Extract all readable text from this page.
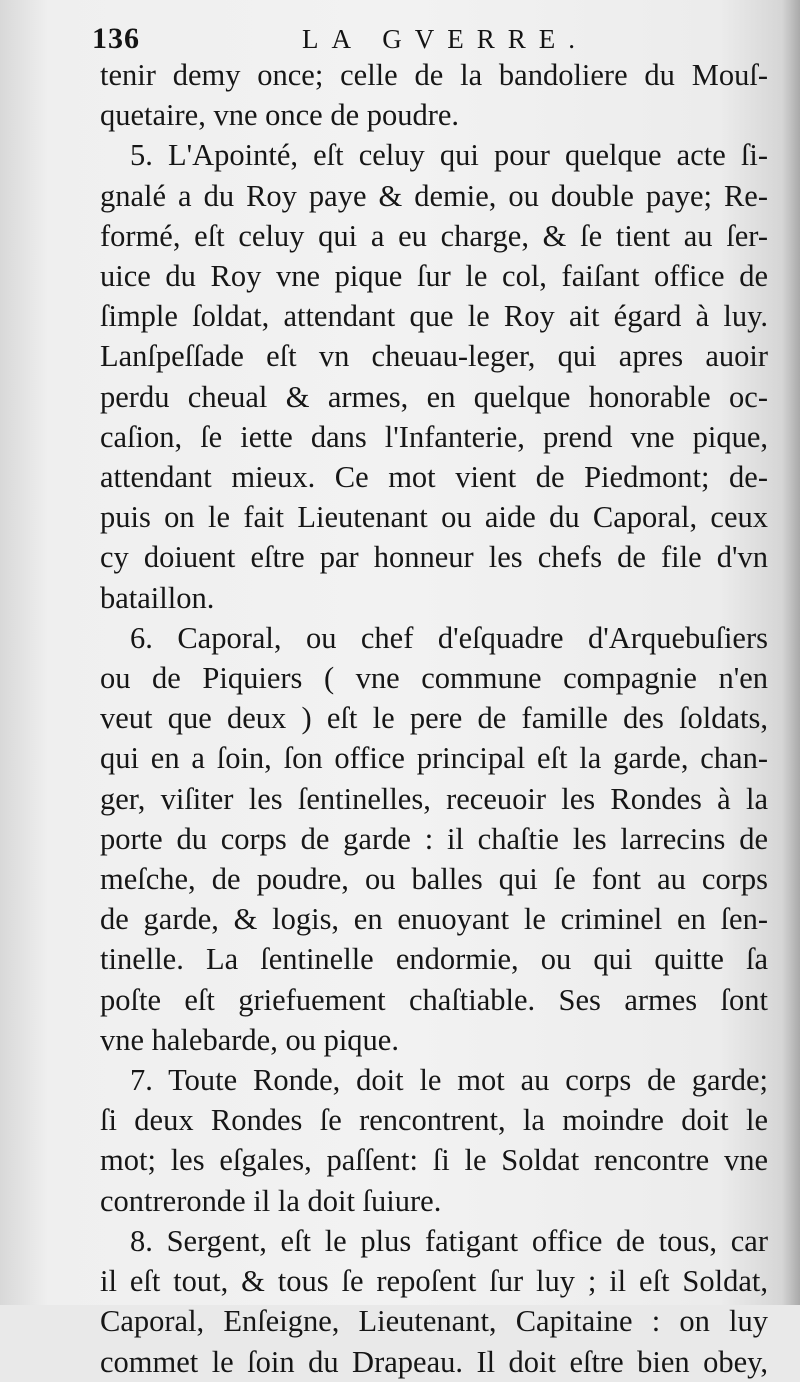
136	LA GVERRE.
tenir demy once; celle de la bandoliere du Mouſ-
quetaire, vne once de poudre.
5. L'Apointé, eſt celuy qui pour quelque acte ſi-
gnalé a du Roy paye & demie, ou double paye; Re-
formé, eſt celuy qui a eu charge, & ſe tient au ſer-
uice du Roy vne pique ſur le col, faiſant office de
ſimple ſoldat, attendant que le Roy ait égard à luy.
Lanſpeſſade eſt vn cheuau-leger, qui apres auoir
perdu cheual & armes, en quelque honorable oc-
caſion, ſe iette dans l'Infanterie, prend vne pique,
attendant mieux. Ce mot vient de Piedmont; de-
puis on le fait Lieutenant ou aide du Caporal, ceux
cy doiuent eſtre par honneur les chefs de file d'vn
bataillon.
6. Caporal, ou chef d'eſquadre d'Arquebuſiers
ou de Piquiers ( vne commune compagnie n'en
veut que deux ) eſt le pere de famille des ſoldats,
qui en a ſoin, ſon office principal eſt la garde, chan-
ger, viſiter les ſentinelles, receuoir les Rondes à la
porte du corps de garde : il chaſtie les larrecins de
meſche, de poudre, ou balles qui ſe font au corps
de garde, & logis, en enuoyant le criminel en ſen-
tinelle. La ſentinelle endormie, ou qui quitte ſa
poſte eſt griefuement chaſtiable. Ses armes ſont
vne halebarde, ou pique.
7. Toute Ronde, doit le mot au corps de garde;
ſi deux Rondes ſe rencontrent, la moindre doit le
mot; les eſgales, paſſent: ſi le Soldat rencontre vne
contreronde il la doit ſuiure.
8. Sergent, eſt le plus fatigant office de tous, car
il eſt tout, & tous ſe repoſent ſur luy ; il eſt Soldat,
Caporal, Enſeigne, Lieutenant, Capitaine : on luy
commet le ſoin du Drapeau. Il doit eſtre bien obey,
